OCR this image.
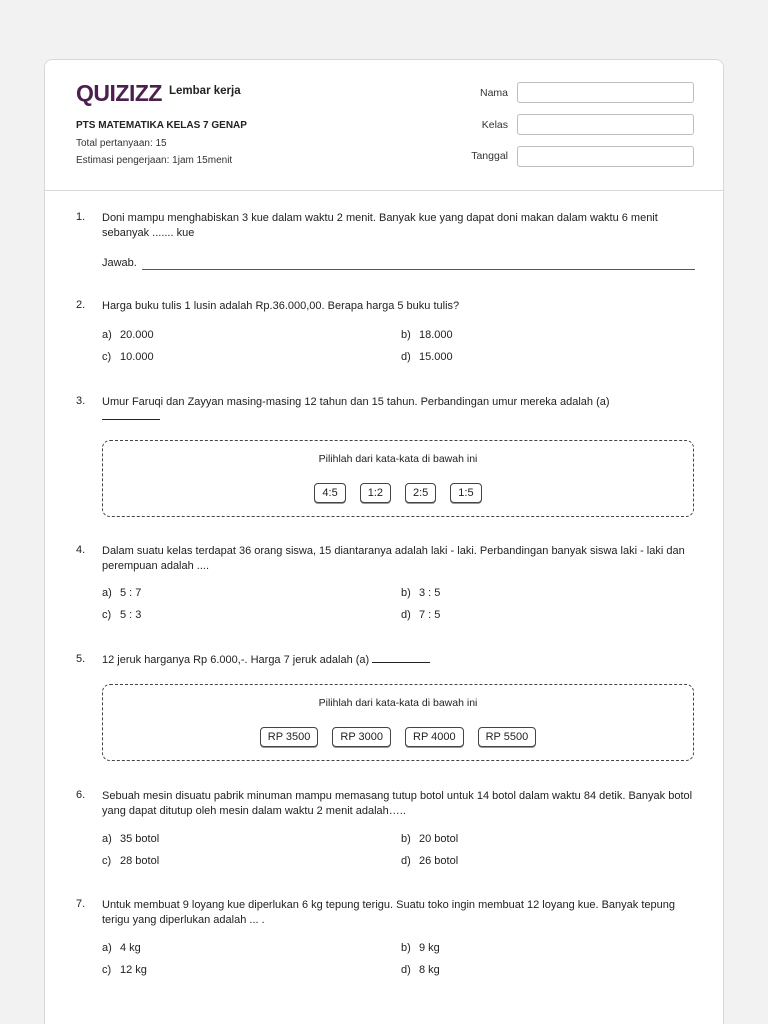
QUIZIZZ Lembar kerja
PTS MATEMATIKA KELAS 7 GENAP
Total pertanyaan: 15
Estimasi pengerjaan: 1jam 15menit
Nama
Kelas
Tanggal
1. Doni mampu menghabiskan 3 kue dalam waktu 2 menit. Banyak kue yang dapat doni makan dalam waktu 6 menit sebanyak ....... kue
Jawab.
2. Harga buku tulis 1 lusin adalah Rp.36.000,00. Berapa harga 5 buku tulis?
a) 20.000	b) 18.000
c) 10.000	d) 15.000
3. Umur Faruqi dan Zayyan masing-masing 12 tahun dan 15 tahun. Perbandingan umur mereka adalah (a)

Pilihlah dari kata-kata di bawah ini
4:5	1:2	2:5	1:5
4. Dalam suatu kelas terdapat 36 orang siswa, 15 diantaranya adalah laki - laki. Perbandingan banyak siswa laki - laki dan perempuan adalah ....
a) 5 : 7	b) 3 : 5
c) 5 : 3	d) 7 : 5
5. 12 jeruk harganya Rp 6.000,-. Harga 7 jeruk adalah (a)
Pilihlah dari kata-kata di bawah ini
RP 3500	RP 3000	RP 4000	RP 5500
6. Sebuah mesin disuatu pabrik minuman mampu memasang tutup botol untuk 14 botol dalam waktu 84 detik. Banyak botol yang dapat ditutup oleh mesin dalam waktu 2 menit adalah…..
a) 35 botol	b) 20 botol
c) 28 botol	d) 26 botol
7. Untuk membuat 9 loyang kue diperlukan 6 kg tepung terigu. Suatu toko ingin membuat 12 loyang kue. Banyak tepung terigu yang diperlukan adalah ... .
a) 4 kg	b) 9 kg
c) 12 kg	d) 8 kg
